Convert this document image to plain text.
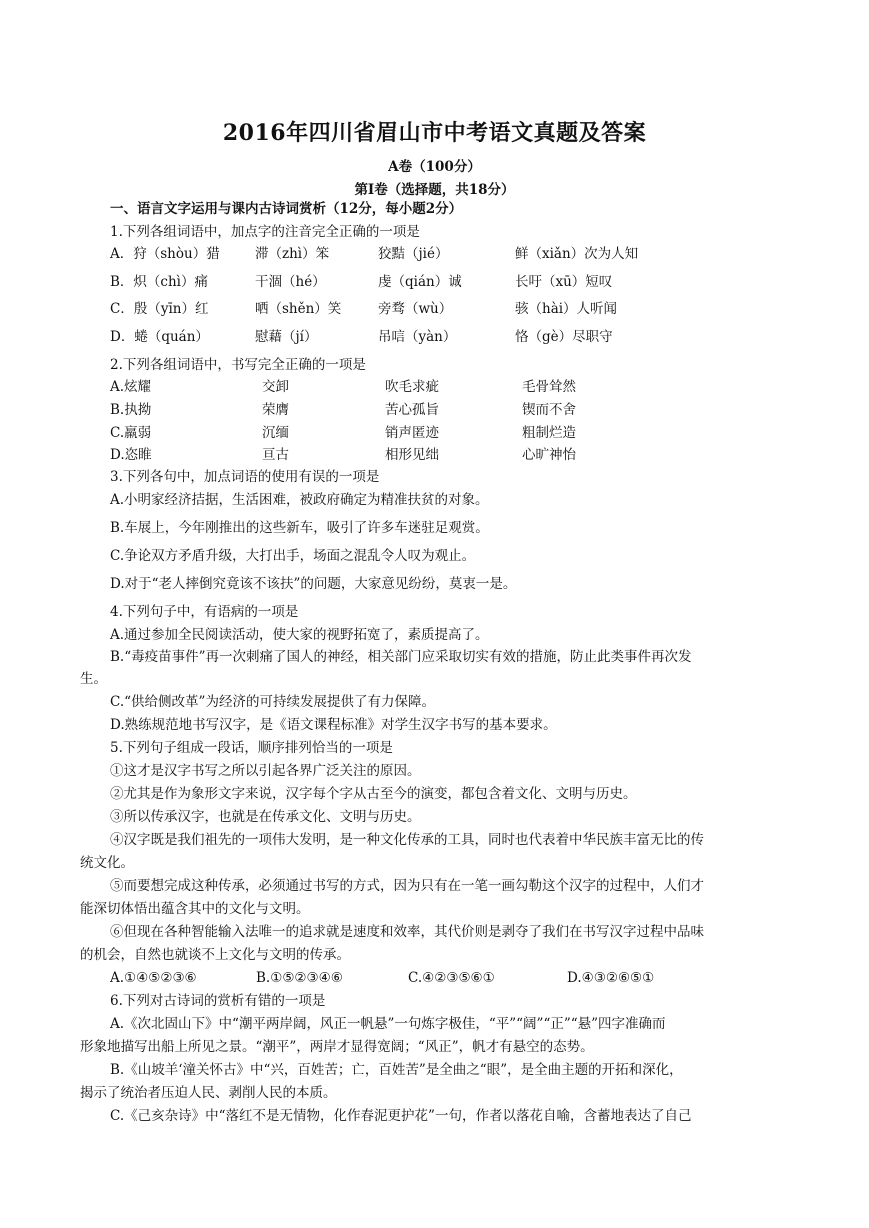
2016年四川省眉山市中考语文真题及答案
A卷（100分）
第Ⅰ卷（选择题，共18分）
一、语言文字运用与课内古诗词赏析（12分，每小题2分）
1.下列各组词语中，加点字的注音完全正确的一项是
A．狩（shòu）猎	滞（zhì）笨	狡黠（jié）	鲜（xiǎn）次为人知
B．炽（chì）痛	干涸（hé）	虔（qián）诚	长吁（xū）短叹
C．殷（yīn）红	哂（shěn）笑	旁骛（wù）	骇（hài）人听闻
D．蜷（quán）	慰藉（jí）	吊唁（yàn）	恪（gè）尽职守
2.下列各组词语中，书写完全正确的一项是
A.炫耀	交卸	吹毛求疵	毛骨耸然
B.执拗	荣膺	苦心孤旨	锲而不舍
C.羸弱	沉缅	销声匿迹	粗制烂造
D.恣睢	亘古	相形见绌	心旷神怡
3.下列各句中，加点词语的使用有误的一项是
A.小明家经济拮据，生活困难，被政府确定为精准扶贫的对象。
B.车展上，今年刚推出的这些新车，吸引了许多车迷驻足观赏。
C.争论双方矛盾升级，大打出手，场面之混乱令人叹为观止。
D.对于“老人摔倒究竟该不该扶”的问题，大家意见纷纷，莫衷一是。
4.下列句子中，有语病的一项是
A.通过参加全民阅读活动，使大家的视野拓宽了，素质提高了。
B.“毒疫苗事件”再一次刺痛了国人的神经，相关部门应采取切实有效的措施，防止此类事件再次发
生。
C.“供给侧改革”为经济的可持续发展提供了有力保障。
D.熟练规范地书写汉字，是《语文课程标准》对学生汉字书写的基本要求。
5.下列句子组成一段话，顺序排列恰当的一项是
①这才是汉字书写之所以引起各界广泛关注的原因。
②尤其是作为象形文字来说，汉字每个字从古至今的演变，都包含着文化、文明与历史。
③所以传承汉字，也就是在传承文化、文明与历史。
④汉字既是我们祖先的一项伟大发明，是一种文化传承的工具，同时也代表着中华民族丰富无比的传
统文化。
⑤而要想完成这种传承，必须通过书写的方式，因为只有在一笔一画勾勒这个汉字的过程中，人们才
能深切体悟出蕴含其中的文化与文明。
⑥但现在各种智能输入法唯一的追求就是速度和效率，其代价则是剥夺了我们在书写汉字过程中品味
的机会，自然也就谈不上文化与文明的传承。
A.①④⑤②③⑥	B.①⑤②③④⑥	C.④②③⑤⑥①	D.④③②⑥⑤①
6.下列对古诗词的赏析有错的一项是
A.《次北固山下》中“潮平两岸阔，风正一帆悬”一句炼字极佳，“平”“阔”“正”“悬”四字准确而
形象地描写出船上所见之景。“潮平”，两岸才显得宽阔；“风正”，帆才有悬空的态势。
B.《山坡羊‘潼关怀古》中“兴，百姓苦；亡，百姓苦”是全曲之“眼”，是全曲主题的开拓和深化，
揭示了统治者压迫人民、剥削人民的本质。
C.《己亥杂诗》中“落红不是无情物，化作春泥更护花”一句，作者以落花自喻，含蓄地表达了自己
